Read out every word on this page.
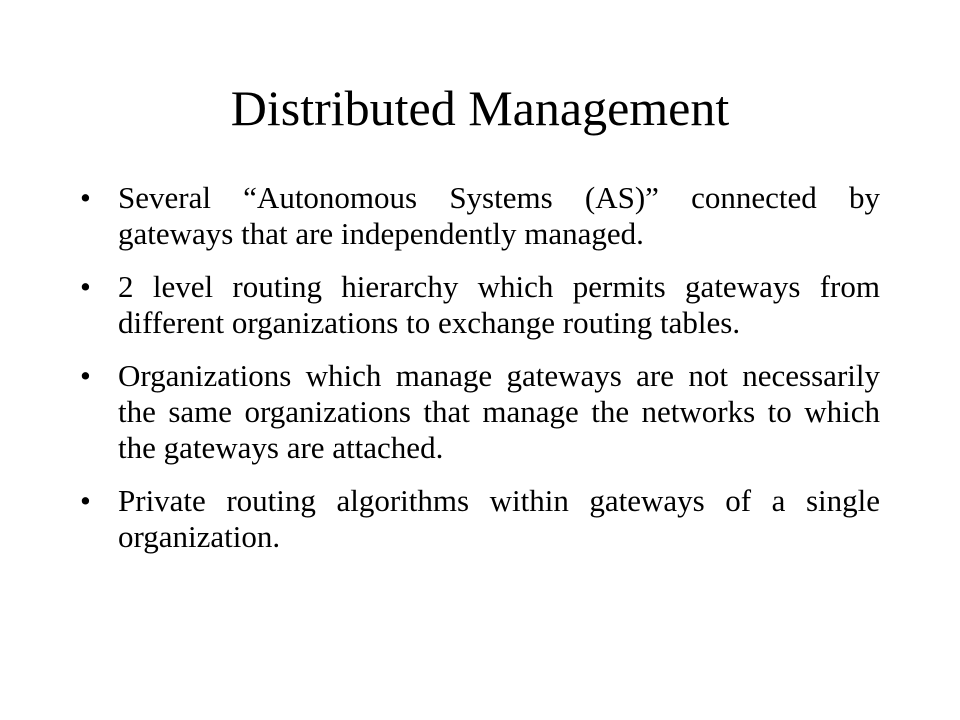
Distributed Management
• Several “Autonomous Systems (AS)” connected by gateways that are independently managed.
• 2 level routing hierarchy which permits gateways from different organizations to exchange routing tables.
• Organizations which manage gateways are not necessarily the same organizations that manage the networks to which the gateways are attached.
• Private routing algorithms within gateways of a single organization.
